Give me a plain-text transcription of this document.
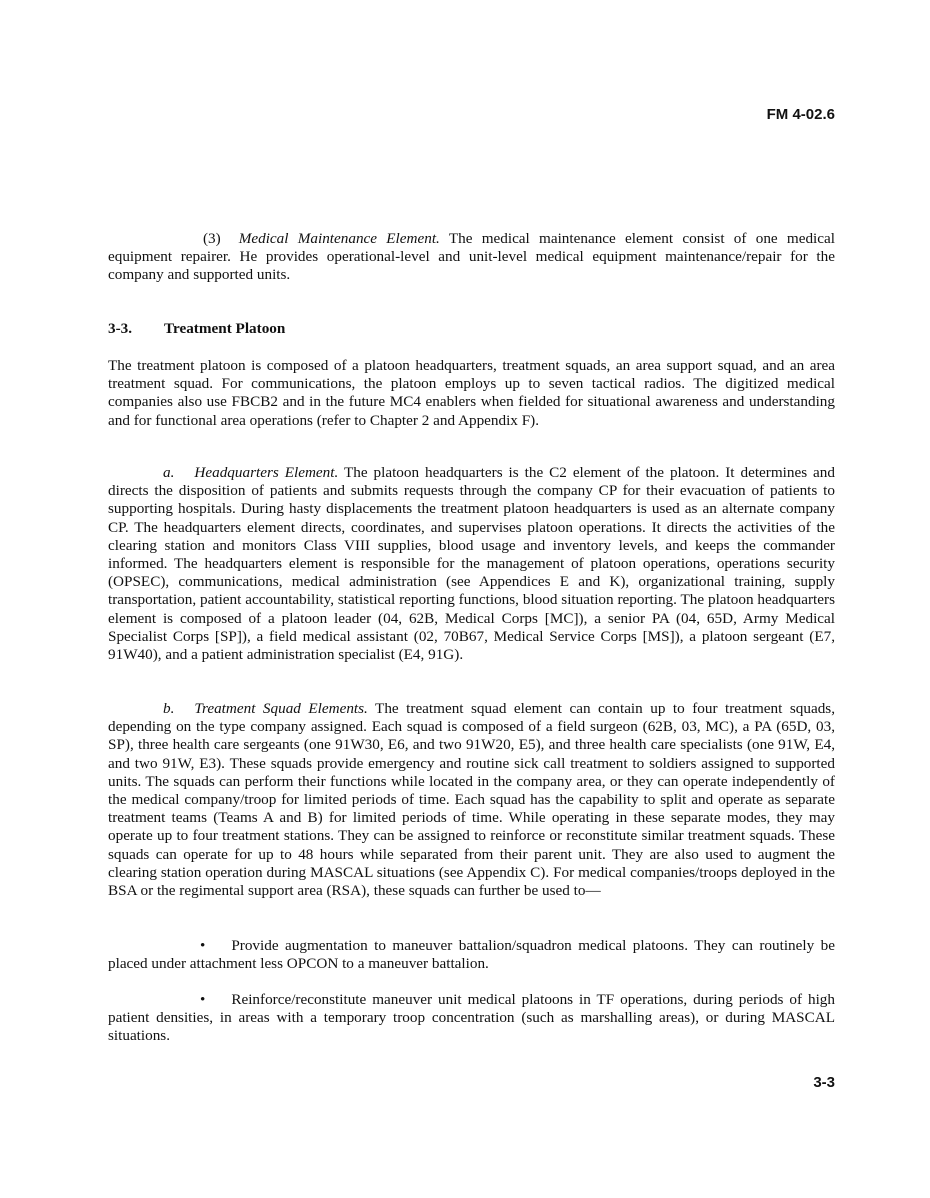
FM 4-02.6
(3) Medical Maintenance Element. The medical maintenance element consist of one medical equipment repairer. He provides operational-level and unit-level medical equipment maintenance/repair for the company and supported units.
3-3. Treatment Platoon
The treatment platoon is composed of a platoon headquarters, treatment squads, an area support squad, and an area treatment squad. For communications, the platoon employs up to seven tactical radios. The digitized medical companies also use FBCB2 and in the future MC4 enablers when fielded for situational awareness and understanding and for functional area operations (refer to Chapter 2 and Appendix F).
a. Headquarters Element. The platoon headquarters is the C2 element of the platoon. It determines and directs the disposition of patients and submits requests through the company CP for their evacuation of patients to supporting hospitals. During hasty displacements the treatment platoon headquarters is used as an alternate company CP. The headquarters element directs, coordinates, and supervises platoon operations. It directs the activities of the clearing station and monitors Class VIII supplies, blood usage and inventory levels, and keeps the commander informed. The headquarters element is responsible for the management of platoon operations, operations security (OPSEC), communications, medical administration (see Appendices E and K), organizational training, supply transportation, patient accountability, statistical reporting functions, blood situation reporting. The platoon headquarters element is composed of a platoon leader (04, 62B, Medical Corps [MC]), a senior PA (04, 65D, Army Medical Specialist Corps [SP]), a field medical assistant (02, 70B67, Medical Service Corps [MS]), a platoon sergeant (E7, 91W40), and a patient administration specialist (E4, 91G).
b. Treatment Squad Elements. The treatment squad element can contain up to four treatment squads, depending on the type company assigned. Each squad is composed of a field surgeon (62B, 03, MC), a PA (65D, 03, SP), three health care sergeants (one 91W30, E6, and two 91W20, E5), and three health care specialists (one 91W, E4, and two 91W, E3). These squads provide emergency and routine sick call treatment to soldiers assigned to supported units. The squads can perform their functions while located in the company area, or they can operate independently of the medical company/troop for limited periods of time. Each squad has the capability to split and operate as separate treatment teams (Teams A and B) for limited periods of time. While operating in these separate modes, they may operate up to four treatment stations. They can be assigned to reinforce or reconstitute similar treatment squads. These squads can operate for up to 48 hours while separated from their parent unit. They are also used to augment the clearing station operation during MASCAL situations (see Appendix C). For medical companies/troops deployed in the BSA or the regimental support area (RSA), these squads can further be used to—
• Provide augmentation to maneuver battalion/squadron medical platoons. They can routinely be placed under attachment less OPCON to a maneuver battalion.
• Reinforce/reconstitute maneuver unit medical platoons in TF operations, during periods of high patient densities, in areas with a temporary troop concentration (such as marshalling areas), or during MASCAL situations.
3-3
